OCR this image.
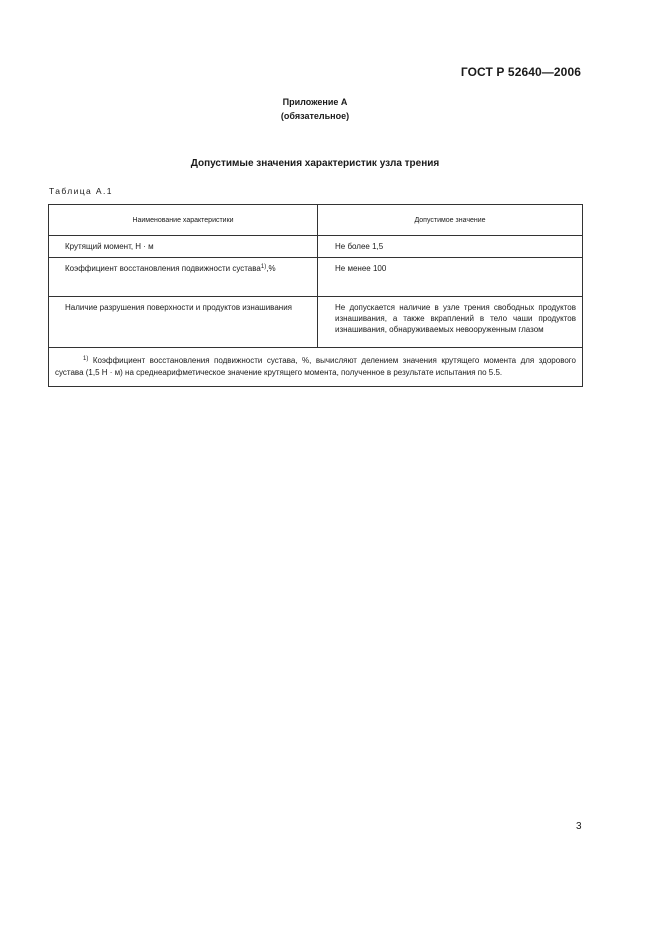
ГОСТ Р 52640—2006
Приложение А
(обязательное)
Допустимые значения характеристик узла трения
Таблица А.1
Наименование характеристики	Допустимое значение
Крутящий момент, Н · м	Не более 1,5
Коэффициент восстановления подвижности сустава$^{1)}$,%	Не менее 100
Наличие разрушения поверхности и продуктов изнашивания	Не допускается наличие в узле трения свободных продуктов изнашивания, а также вкраплений в тело чаши продуктов изнашивания, обнаруживаемых невооруженным глазом
$^{1)}$ Коэффициент восстановления подвижности сустава, %, вычисляют делением значения крутящего момента для здорового сустава (1,5 Н · м) на среднеарифметическое значение крутящего момента, полученное в результате испытания по 5.5.	
3
